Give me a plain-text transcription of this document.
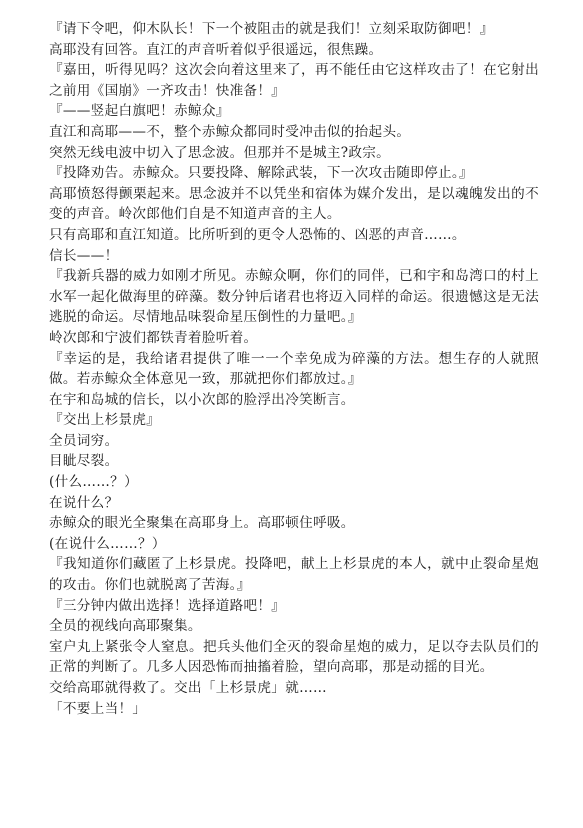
『请下令吧，仰木队长！下一个被阻击的就是我们！立刻采取防御吧！』

高耶没有回答。直江的声音听着似乎很遥远，很焦躁。

『嘉田，听得见吗？这次会向着这里来了，再不能任由它这样攻击了！在它射出之前用《国崩》一齐攻击！快准备！』

『——竖起白旗吧！赤鲸众』

直江和高耶——不，整个赤鲸众都同时受冲击似的抬起头。

突然无线电波中切入了思念波。但那并不是城主?政宗。

『投降劝告。赤鲸众。只要投降、解除武装，下一次攻击随即停止。』

高耶愤怒得颤栗起来。思念波并不以凭坐和宿体为媒介发出，是以魂魄发出的不变的声音。岭次郎他们自是不知道声音的主人。

只有高耶和直江知道。比所听到的更令人恐怖的、凶恶的声音……。

信长——！

『我新兵器的威力如刚才所见。赤鲸众啊，你们的同伴，已和宇和岛湾口的村上水军一起化做海里的碎藻。数分钟后诸君也将迈入同样的命运。很遗憾这是无法逃脱的命运。尽情地品味裂命星压倒性的力量吧。』

岭次郎和宁波们都铁青着脸听着。

『幸运的是，我给诸君提供了唯一一个幸免成为碎藻的方法。想生存的人就照做。若赤鲸众全体意见一致，那就把你们都放过。』

在宇和岛城的信长，以小次郎的脸浮出冷笑断言。

『交出上杉景虎』

全员词穷。

目眦尽裂。

(什么……？）

在说什么？

赤鲸众的眼光全聚集在高耶身上。高耶顿住呼吸。

(在说什么……？）

『我知道你们藏匿了上杉景虎。投降吧，献上上杉景虎的本人，就中止裂命星炮的攻击。你们也就脱离了苦海。』

『三分钟内做出选择！选择道路吧！』

全员的视线向高耶聚集。

室户丸上紧张令人窒息。把兵头他们全灭的裂命星炮的威力，足以夺去队员们的正常的判断了。几多人因恐怖而抽搐着脸，望向高耶，那是动摇的目光。

交给高耶就得救了。交出「上杉景虎」就……

「不要上当！」
